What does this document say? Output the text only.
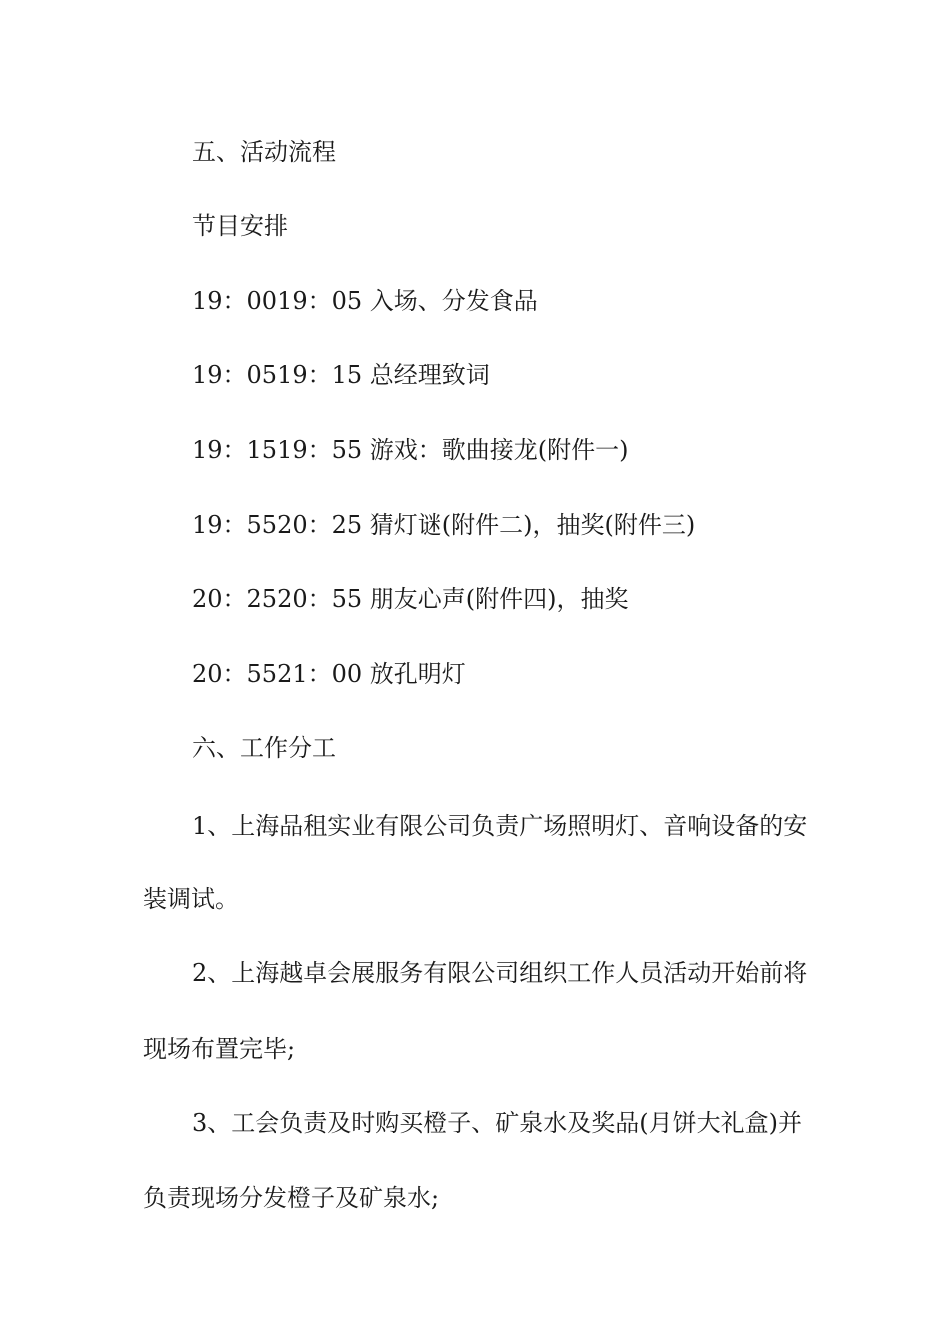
五、活动流程

节目安排

19：0019：05 入场、分发食品

19：0519：15 总经理致词

19：1519：55 游戏：歌曲接龙(附件一)

19：5520：25 猜灯谜(附件二)，抽奖(附件三)

20：2520：55 朋友心声(附件四)，抽奖

20：5521：00 放孔明灯

六、工作分工

1、上海品租实业有限公司负责广场照明灯、音响设备的安

装调试。

2、上海越卓会展服务有限公司组织工作人员活动开始前将

现场布置完毕;

3、工会负责及时购买橙子、矿泉水及奖品(月饼大礼盒)并

负责现场分发橙子及矿泉水;
